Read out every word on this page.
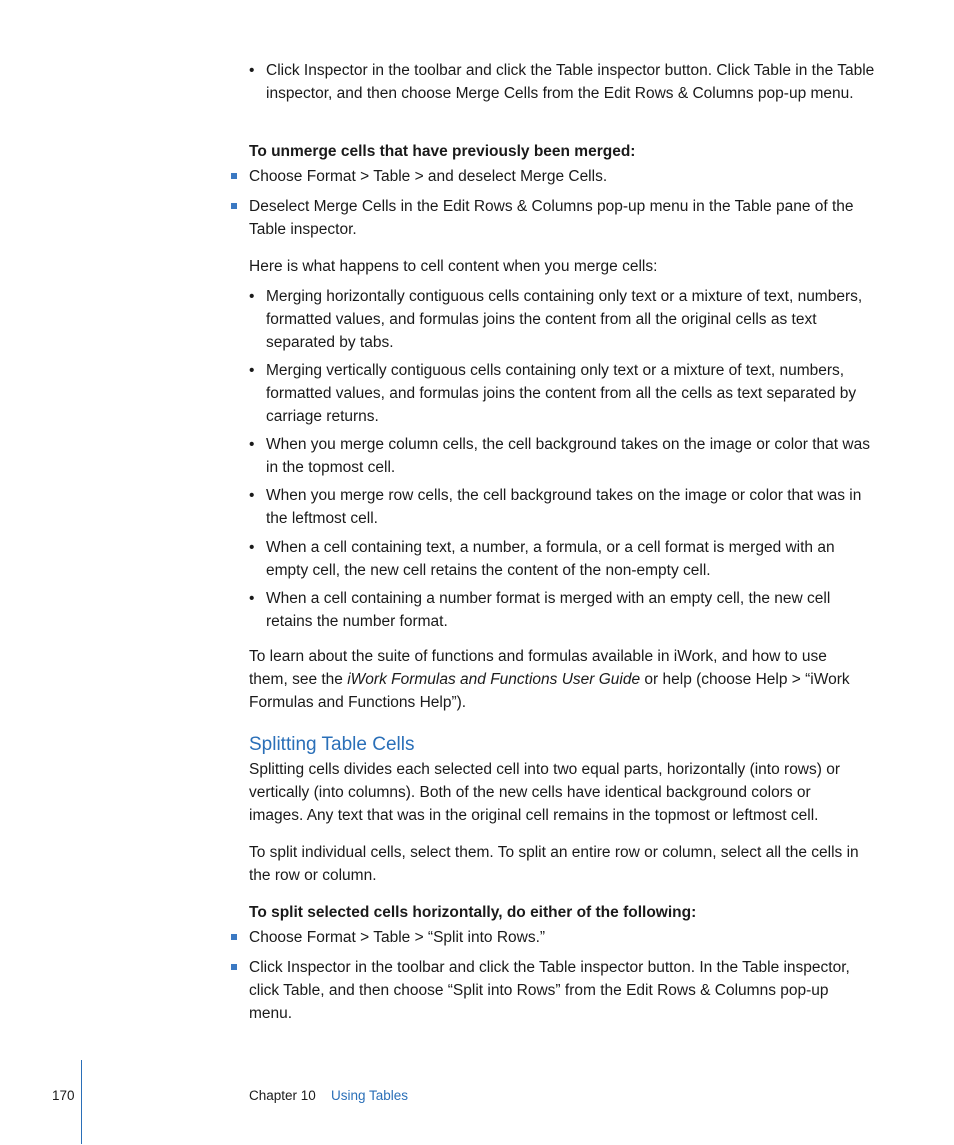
• Click Inspector in the toolbar and click the Table inspector button. Click Table in the Table inspector, and then choose Merge Cells from the Edit Rows & Columns pop-up menu.

To unmerge cells that have previously been merged:

Choose Format > Table > and deselect Merge Cells.

Deselect Merge Cells in the Edit Rows & Columns pop-up menu in the Table pane of the Table inspector.

Here is what happens to cell content when you merge cells:

• Merging horizontally contiguous cells containing only text or a mixture of text, numbers, formatted values, and formulas joins the content from all the original cells as text separated by tabs.

• Merging vertically contiguous cells containing only text or a mixture of text, numbers, formatted values, and formulas joins the content from all the cells as text separated by carriage returns.

• When you merge column cells, the cell background takes on the image or color that was in the topmost cell.

• When you merge row cells, the cell background takes on the image or color that was in the leftmost cell.

• When a cell containing text, a number, a formula, or a cell format is merged with an empty cell, the new cell retains the content of the non-empty cell.

• When a cell containing a number format is merged with an empty cell, the new cell retains the number format.

To learn about the suite of functions and formulas available in iWork, and how to use them, see the iWork Formulas and Functions User Guide or help (choose Help > “iWork Formulas and Functions Help”).

Splitting Table Cells

Splitting cells divides each selected cell into two equal parts, horizontally (into rows) or vertically (into columns). Both of the new cells have identical background colors or images. Any text that was in the original cell remains in the topmost or leftmost cell.

To split individual cells, select them. To split an entire row or column, select all the cells in the row or column.

To split selected cells horizontally, do either of the following:

Choose Format > Table > “Split into Rows.”

Click Inspector in the toolbar and click the Table inspector button. In the Table inspector, click Table, and then choose “Split into Rows” from the Edit Rows & Columns pop-up menu.

170	Chapter 10 Using Tables
